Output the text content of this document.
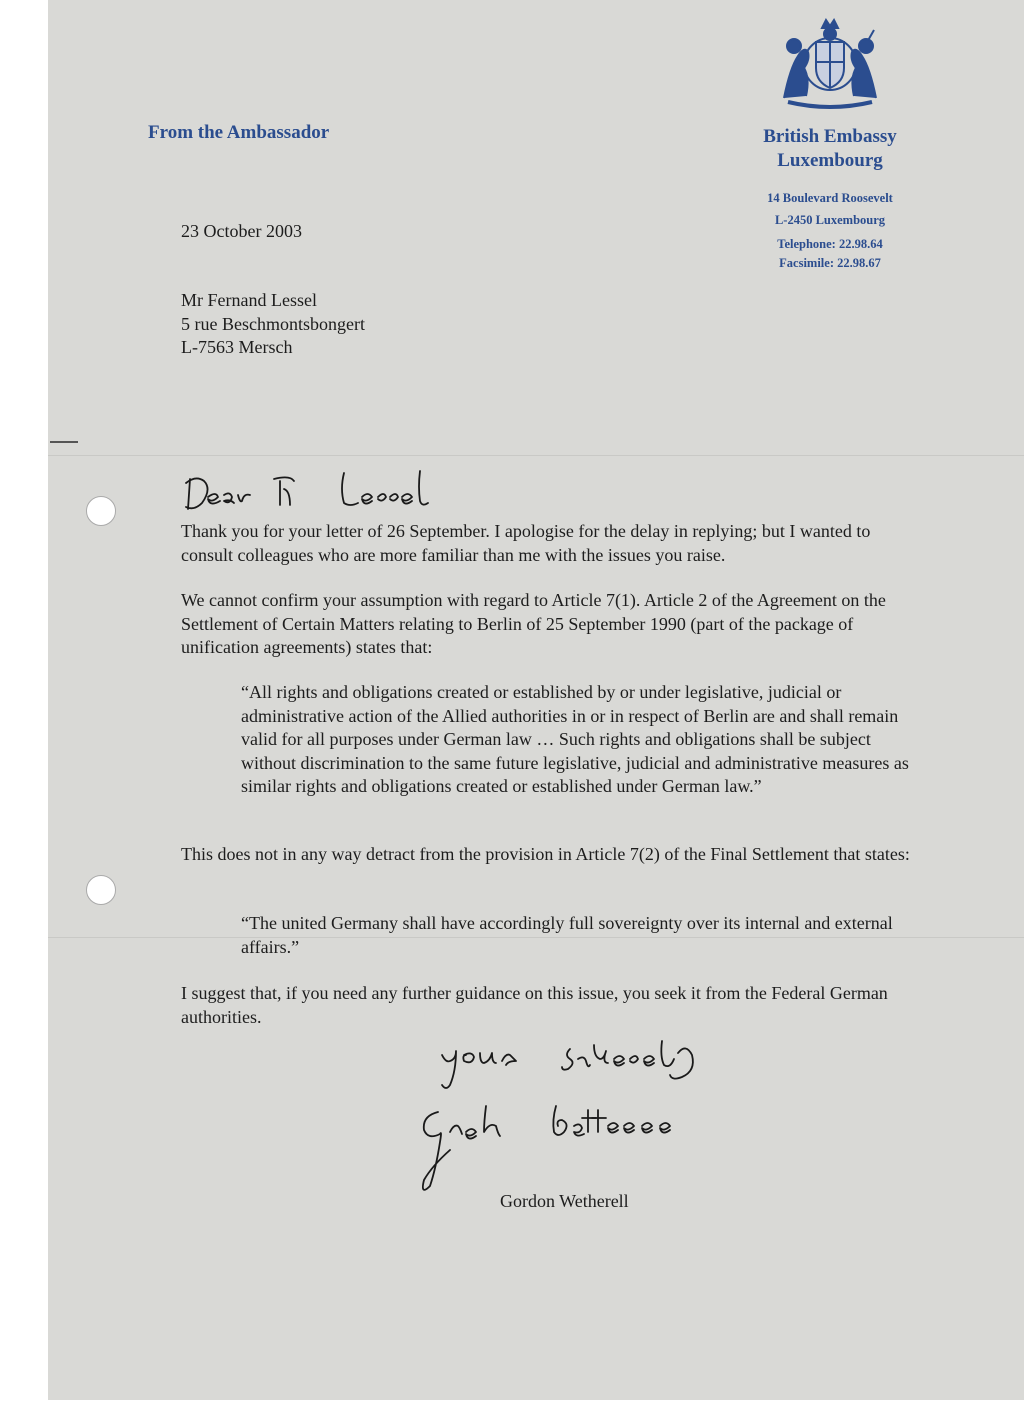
From the Ambassador	British Embassy
Luxembourg
14 Boulevard Roosevelt
L-2450 Luxembourg
Telephone: 22.98.64
Facsimile: 22.98.67
23 October 2003
Mr Fernand Lessel
5 rue Beschmontsbongert
L-7563 Mersch
Thank you for your letter of 26 September. I apologise for the delay in replying; but I wanted to consult colleagues who are more familiar than me with the issues you raise.
We cannot confirm your assumption with regard to Article 7(1). Article 2 of the Agreement on the Settlement of Certain Matters relating to Berlin of 25 September 1990 (part of the package of unification agreements) states that:
“All rights and obligations created or established by or under legislative, judicial or administrative action of the Allied authorities in or in respect of Berlin are and shall remain valid for all purposes under German law … Such rights and obligations shall be subject without discrimination to the same future legislative, judicial and administrative measures as similar rights and obligations created or established under German law.”
This does not in any way detract from the provision in Article 7(2) of the Final Settlement that states:
“The united Germany shall have accordingly full sovereignty over its internal and external affairs.”
I suggest that, if you need any further guidance on this issue, you seek it from the Federal German authorities.
Gordon Wetherell
